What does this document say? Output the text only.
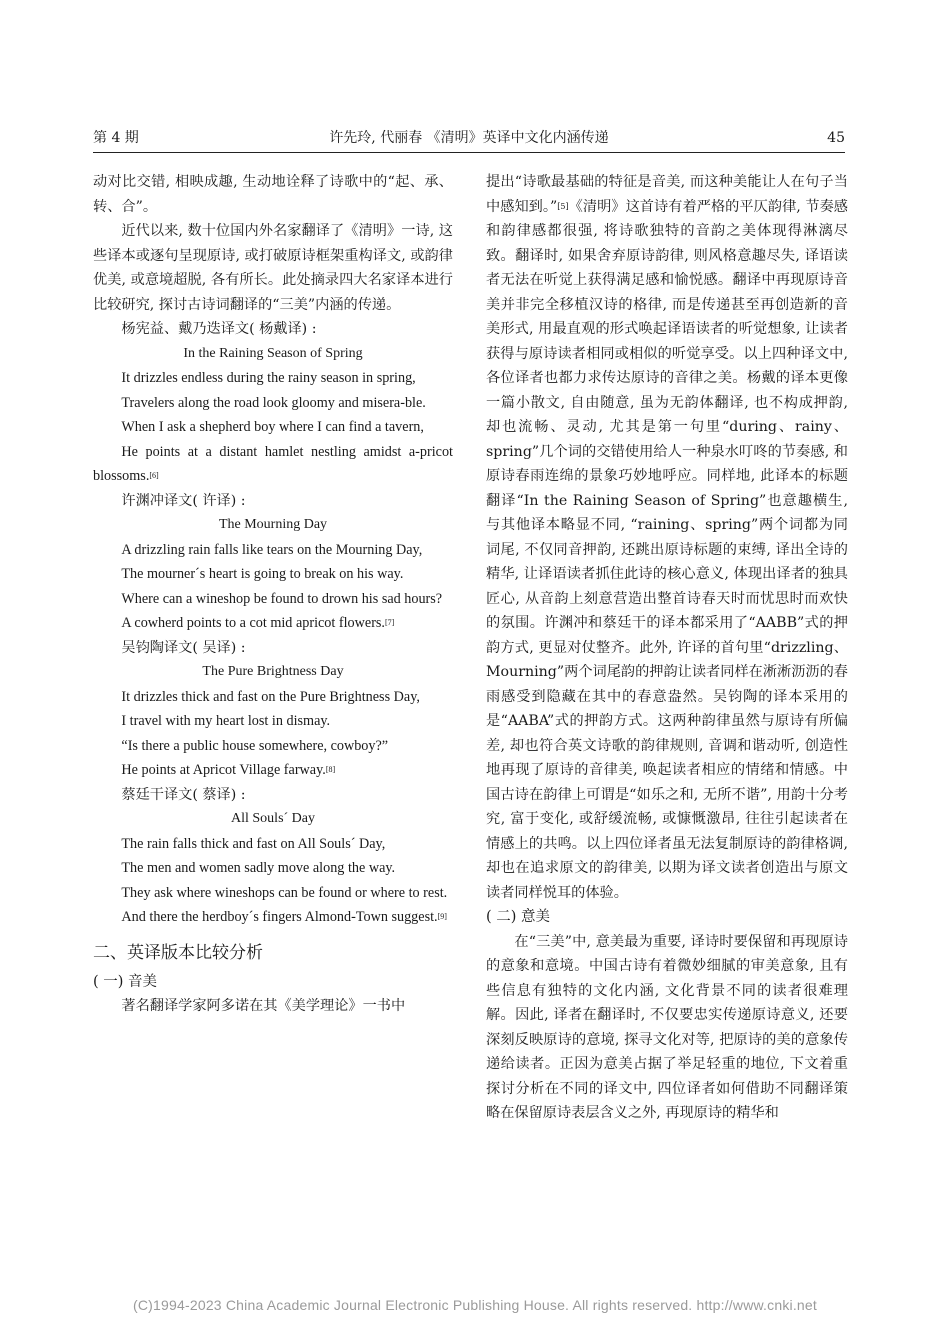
第 4 期	许先玲, 代丽春 《清明》英译中文化内涵传递	45

动对比交错, 相映成趣, 生动地诠释了诗歌中的“起、承、转、合”。

近代以来, 数十位国内外名家翻译了《清明》一诗, 这些译本或逐句呈现原诗, 或打破原诗框架重构译文, 或韵律优美, 或意境超脱, 各有所长。此处摘录四大名家译本进行比较研究, 探讨古诗词翻译的“三美”内涵的传递。

杨宪益、戴乃迭译文( 杨戴译) :

In the Raining Season of Spring

It drizzles endless during the rainy season in spring,

Travelers along the road look gloomy and misera-ble.

When I ask a shepherd boy where I can find a tavern,

He points at a distant hamlet nestling amidst a-pricot blossoms.[6]

许渊冲译文( 许译) :

The Mourning Day

A drizzling rain falls like tears on the Mourning Day,

The mourner´s heart is going to break on his way.

Where can a wineshop be found to drown his sad hours?

A cowherd points to a cot mid apricot flowers.[7]

吴钧陶译文( 吴译) :

The Pure Brightness Day

It drizzles thick and fast on the Pure Brightness Day,

I travel with my heart lost in dismay.

“Is there a public house somewhere, cowboy?”

He points at Apricot Village farway.[8]

蔡廷干译文( 蔡译) :

All Souls´ Day

The rain falls thick and fast on All Souls´ Day,

The men and women sadly move along the way.

They ask where wineshops can be found or where to rest.

And there the herdboy´s fingers Almond-Town suggest.[9]

二、英译版本比较分析

( 一) 音美

著名翻译学家阿多诺在其《美学理论》一书中

提出“诗歌最基础的特征是音美, 而这种美能让人在句子当中感知到。”[5]《清明》这首诗有着严格的平仄韵律, 节奏感和韵律感都很强, 将诗歌独特的音韵之美体现得淋漓尽致。翻译时, 如果舍弃原诗韵律, 则风格意趣尽失, 译语读者无法在听觉上获得满足感和愉悦感。翻译中再现原诗音美并非完全移植汉诗的格律, 而是传递甚至再创造新的音美形式, 用最直观的形式唤起译语读者的听觉想象, 让读者获得与原诗读者相同或相似的听觉享受。以上四种译文中, 各位译者也都力求传达原诗的音律之美。杨戴的译本更像一篇小散文, 自由随意, 虽为无韵体翻译, 也不构成押韵, 却也流畅、灵动, 尤其是第一句里“during、rainy、spring”几个词的交错使用给人一种泉水叮咚的节奏感, 和原诗春雨连绵的景象巧妙地呼应。同样地, 此译本的标题翻译“In the Raining Season of Spring”也意趣横生, 与其他译本略显不同, “raining、spring”两个词都为同词尾, 不仅同音押韵, 还跳出原诗标题的束缚, 译出全诗的精华, 让译语读者抓住此诗的核心意义, 体现出译者的独具匠心, 从音韵上刻意营造出整首诗春天时而忧思时而欢快的氛围。许渊冲和蔡廷干的译本都采用了“AABB”式的押韵方式, 更显对仗整齐。此外, 许译的首句里“drizzling、Mourning”两个词尾韵的押韵让读者同样在淅淅沥沥的春雨感受到隐藏在其中的春意盎然。吴钧陶的译本采用的是“AABA”式的押韵方式。这两种韵律虽然与原诗有所偏差, 却也符合英文诗歌的韵律规则, 音调和谐动听, 创造性地再现了原诗的音律美, 唤起读者相应的情绪和情感。中国古诗在韵律上可谓是“如乐之和, 无所不谐”, 用韵十分考究, 富于变化, 或舒缓流畅, 或慷慨激昂, 往往引起读者在情感上的共鸣。以上四位译者虽无法复制原诗的韵律格调, 却也在追求原文的韵律美, 以期为译文读者创造出与原文读者同样悦耳的体验。

( 二) 意美

在“三美”中, 意美最为重要, 译诗时要保留和再现原诗的意象和意境。中国古诗有着微妙细腻的审美意象, 且有些信息有独特的文化内涵, 文化背景不同的读者很难理解。因此, 译者在翻译时, 不仅要忠实传递原诗意义, 还要深刻反映原诗的意境, 探寻文化对等, 把原诗的美的意象传递给读者。正因为意美占据了举足轻重的地位, 下文着重探讨分析在不同的译文中, 四位译者如何借助不同翻译策略在保留原诗表层含义之外, 再现原诗的精华和

(C)1994-2023 China Academic Journal Electronic Publishing House. All rights reserved. http://www.cnki.net
